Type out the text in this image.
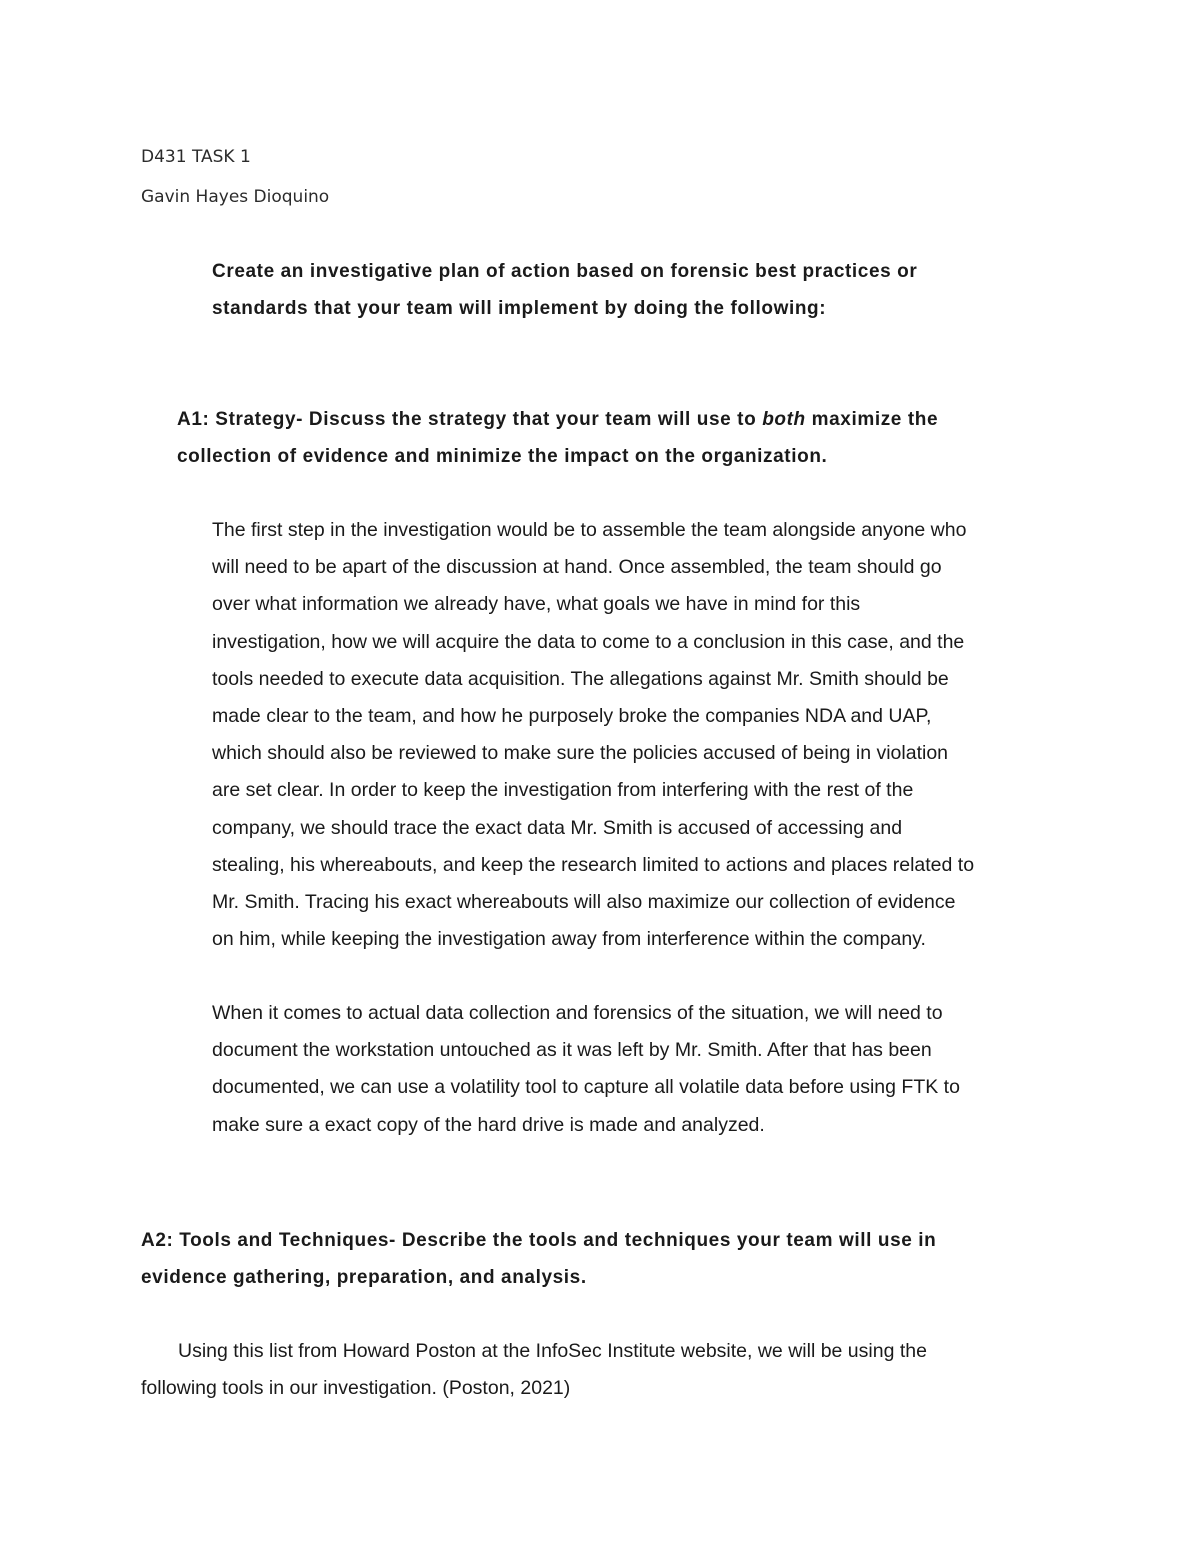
D431 TASK 1
Gavin Hayes Dioquino
Create an investigative plan of action based on forensic best practices or
standards that your team will implement by doing the following:
A1: Strategy- Discuss the strategy that your team will use to both maximize the
collection of evidence and minimize the impact on the organization.
The first step in the investigation would be to assemble the team alongside anyone who
will need to be apart of the discussion at hand. Once assembled, the team should go
over what information we already have, what goals we have in mind for this
investigation, how we will acquire the data to come to a conclusion in this case, and the
tools needed to execute data acquisition. The allegations against Mr. Smith should be
made clear to the team, and how he purposely broke the companies NDA and UAP,
which should also be reviewed to make sure the policies accused of being in violation
are set clear. In order to keep the investigation from interfering with the rest of the
company, we should trace the exact data Mr. Smith is accused of accessing and
stealing, his whereabouts, and keep the research limited to actions and places related to
Mr. Smith. Tracing his exact whereabouts will also maximize our collection of evidence
on him, while keeping the investigation away from interference within the company.
When it comes to actual data collection and forensics of the situation, we will need to
document the workstation untouched as it was left by Mr. Smith. After that has been
documented, we can use a volatility tool to capture all volatile data before using FTK to
make sure a exact copy of the hard drive is made and analyzed.
A2: Tools and Techniques- Describe the tools and techniques your team will use in
evidence gathering, preparation, and analysis.
Using this list from Howard Poston at the InfoSec Institute website, we will be using the
following tools in our investigation. (Poston, 2021)
